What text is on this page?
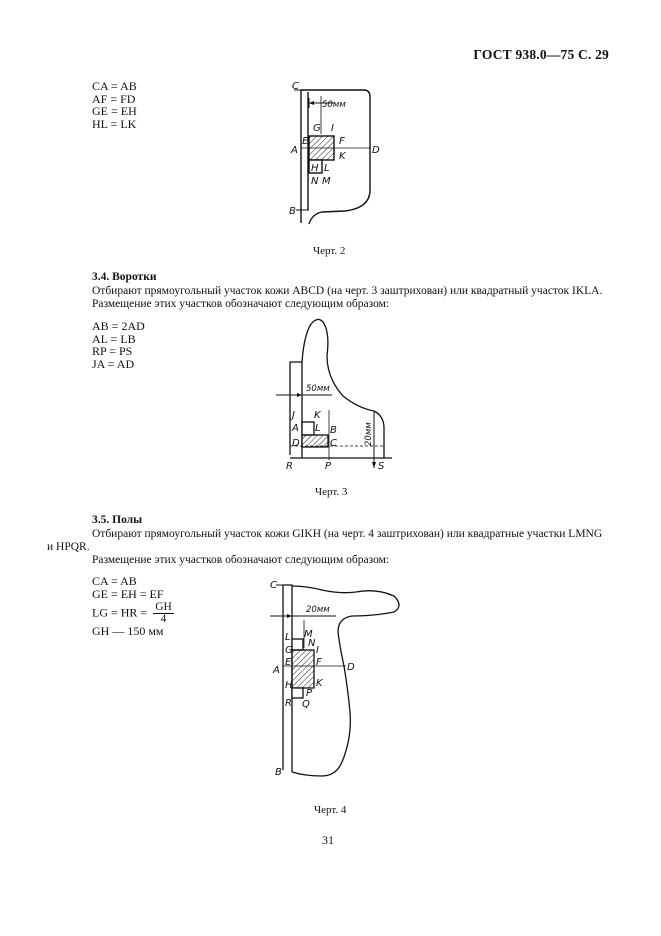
ГОСТ 938.0—75 С. 29
CA = AB
AF = FD
GE = EH
HL = LK
C
50мм
G I
E	F
A	D
K
H L
N M
B
Черт. 2
3.4. Воротки
Отбирают прямоугольный участок кожи ABCD (на черт. 3 заштрихован) или квадратный участок IKLA.
Размещение этих участков обозначают следующим образом:
AB = 2AD
AL = LB
RP = PS
JA = AD
50мм
20мм
J K
A L B
D	C
R	P	S
Черт. 3
3.5. Полы
Отбирают прямоугольный участок кожи GIKH (на черт. 4 заштрихован) или квадратные участки LMNG
и HPQR.
Размещение этих участков обозначают следующим образом:
CA = AB
GE = EH = EF
LG = HR = $\frac{GH}{4}$
GH — 150 мм
C
20мм
L M
N
G I
E F
A	D
H K
P
R Q
B
Черт. 4
31
